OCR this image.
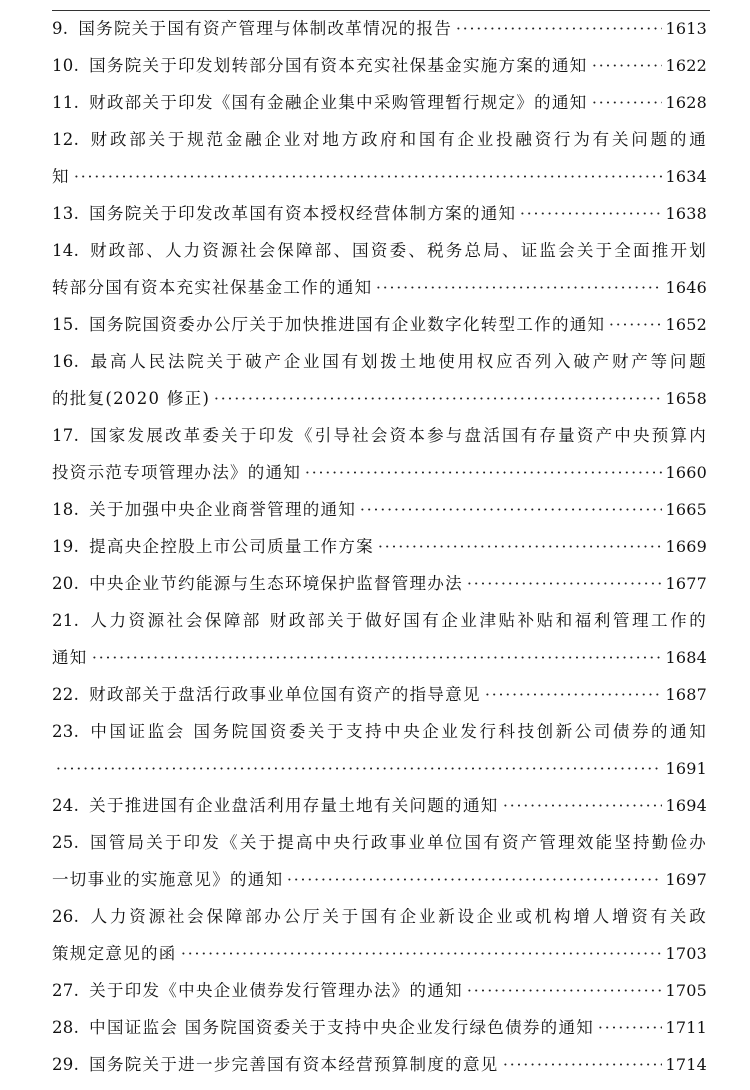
9. 国务院关于国有资产管理与体制改革情况的报告	1613
10. 国务院关于印发划转部分国有资本充实社保基金实施方案的通知	1622
11. 财政部关于印发《国有金融企业集中采购管理暂行规定》的通知	1628
12. 财政部关于规范金融企业对地方政府和国有企业投融资行为有关问题的通
知	1634
13. 国务院关于印发改革国有资本授权经营体制方案的通知	1638
14. 财政部、人力资源社会保障部、国资委、税务总局、证监会关于全面推开划
转部分国有资本充实社保基金工作的通知	1646
15. 国务院国资委办公厅关于加快推进国有企业数字化转型工作的通知	1652
16. 最高人民法院关于破产企业国有划拨土地使用权应否列入破产财产等问题
的批复(2020 修正)	1658
17. 国家发展改革委关于印发《引导社会资本参与盘活国有存量资产中央预算内
投资示范专项管理办法》的通知	1660
18. 关于加强中央企业商誉管理的通知	1665
19. 提高央企控股上市公司质量工作方案	1669
20. 中央企业节约能源与生态环境保护监督管理办法	1677
21. 人力资源社会保障部 财政部关于做好国有企业津贴补贴和福利管理工作的
通知	1684
22. 财政部关于盘活行政事业单位国有资产的指导意见	1687
23. 中国证监会 国务院国资委关于支持中央企业发行科技创新公司债券的通知
1691
24. 关于推进国有企业盘活利用存量土地有关问题的通知	1694
25. 国管局关于印发《关于提高中央行政事业单位国有资产管理效能坚持勤俭办
一切事业的实施意见》的通知	1697
26. 人力资源社会保障部办公厅关于国有企业新设企业或机构增人增资有关政
策规定意见的函	1703
27. 关于印发《中央企业债券发行管理办法》的通知	1705
28. 中国证监会 国务院国资委关于支持中央企业发行绿色债券的通知	1711
29. 国务院关于进一步完善国有资本经营预算制度的意见	1714
